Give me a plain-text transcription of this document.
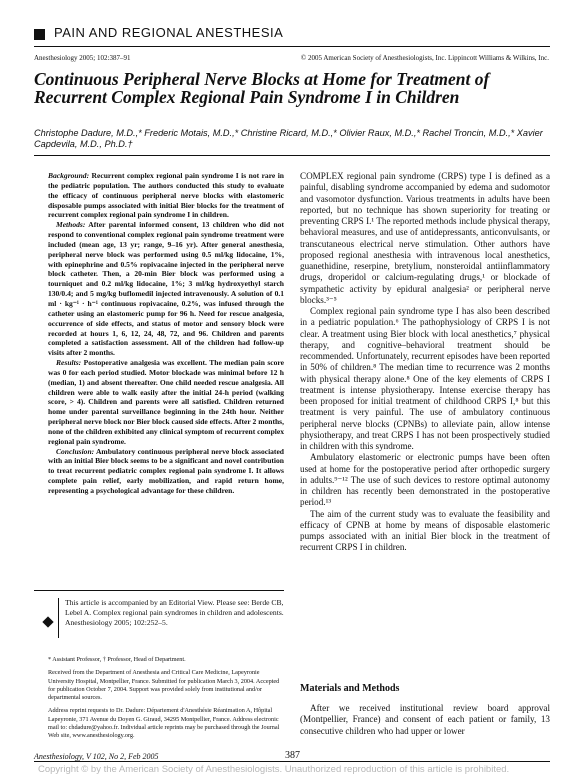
PAIN AND REGIONAL ANESTHESIA
Anesthesiology 2005; 102:387–91	© 2005 American Society of Anesthesiologists, Inc. Lippincott Williams & Wilkins, Inc.
Continuous Peripheral Nerve Blocks at Home for Treatment of Recurrent Complex Regional Pain Syndrome I in Children
Christophe Dadure, M.D.,* Frederic Motais, M.D.,* Christine Ricard, M.D.,* Olivier Raux, M.D.,* Rachel Troncin, M.D.,* Xavier Capdevila, M.D., Ph.D.†

Background: Recurrent complex regional pain syndrome I is not rare in the pediatric population. The authors conducted this study to evaluate the efficacy of continuous peripheral nerve blocks with elastomeric disposable pumps associated with initial Bier blocks for the treatment of recurrent complex regional pain syndrome I in children.

Methods: After parental informed consent, 13 children who did not respond to conventional complex regional pain syndrome treatment were included (mean age, 13 yr; range, 9–16 yr). After general anesthesia, peripheral nerve block was performed using 0.5 ml/kg lidocaine, 1%, with epinephrine and 0.5% ropivacaine injected in the peripheral nerve block catheter. Then, a 20-min Bier block was performed using a tourniquet and 0.2 ml/kg lidocaine, 1%; 3 ml/kg hydroxyethyl starch 130/0.4; and 5 mg/kg buflomedil injected intravenously. A solution of 0.1 ml · kg⁻¹ · h⁻¹ continuous ropivacaine, 0.2%, was infused through the catheter using an elastomeric pump for 96 h. Need for rescue analgesia, occurrence of side effects, and status of motor and sensory block were recorded at hours 1, 6, 12, 24, 48, 72, and 96. Children and parents completed a satisfaction assessment. All of the children had follow-up visits after 2 months.

Results: Postoperative analgesia was excellent. The median pain score was 0 for each period studied. Motor blockade was minimal before 12 h (median, 1) and absent thereafter. One child needed rescue analgesia. All children were able to walk easily after the initial 24-h period (walking score, > 4). Children and parents were all satisfied. Children returned home under parental surveillance beginning in the 24th hour. Neither peripheral nerve block nor Bier block caused side effects. After 2 months, none of the children exhibited any clinical symptom of recurrent complex regional pain syndrome.

Conclusion: Ambulatory continuous peripheral nerve block associated with an initial Bier block seems to be a significant and novel contribution to treat recurrent pediatric complex regional pain syndrome I. It allows complete pain relief, early mobilization, and rapid return home, representing a psychological advantage for these children.

This article is accompanied by an Editorial View. Please see: Berde CB, Lebel A. Complex regional pain syndromes in children and adolescents. Anesthesiology 2005; 102:252–5.

* Assistant Professor, † Professor, Head of Department.

Received from the Department of Anesthesia and Critical Care Medicine, Lapeyronie University Hospital, Montpellier, France. Submitted for publication March 3, 2004. Accepted for publication October 7, 2004. Support was provided solely from institutional and/or departmental sources.

Address reprint requests to Dr. Dadure: Département d'Anesthésie Réanimation A, Hôpital Lapeyronie, 371 Avenue du Doyen G. Giraud, 34295 Montpellier, France. Address electronic mail to: chdadure@yahoo.fr. Individual article reprints may be purchased through the Journal Web site, www.anesthesiology.org.

COMPLEX regional pain syndrome (CRPS) type I is defined as a painful, disabling syndrome accompanied by edema and sudomotor and vasomotor dysfunction. Various treatments in adults have been reported, but no technique has shown superiority for treating or preventing CRPS I.¹ The reported methods include physical therapy, behavioral measures, and use of antidepressants, anticonvulsants, or transcutaneous electrical nerve stimulation. Other authors have proposed regional anesthesia with intravenous local anesthetics, guanethidine, reserpine, bretylium, nonsteroidal antiinflammatory drugs, droperidol or calcium-regulating drugs,¹ or blockade of sympathetic activity by epidural analgesia² or peripheral nerve blocks.³⁻⁵

Complex regional pain syndrome type I has also been described in a pediatric population.⁶ The pathophysiology of CRPS I is not clear. A treatment using Bier block with local anesthetics,⁷ physical therapy, and cognitive–behavioral treatment should be recommended. Unfortunately, recurrent episodes have been reported in 50% of children.⁸ The median time to recurrence was 2 months with physical therapy alone.⁸ One of the key elements of CRPS I treatment is intense physiotherapy. Intense exercise therapy has been proposed for initial treatment of childhood CRPS I,⁸ but this treatment is very painful. The use of ambulatory continuous peripheral nerve blocks (CPNBs) to alleviate pain, allow intense physiotherapy, and treat CRPS I has not been prospectively studied in children with this syndrome.

Ambulatory elastomeric or electronic pumps have been often used at home for the postoperative period after orthopedic surgery in adults.⁹⁻¹² The use of such devices to restore optimal autonomy in children has recently been demonstrated in the postoperative period.¹³

The aim of the current study was to evaluate the feasibility and efficacy of CPNB at home by means of disposable elastomeric pumps associated with an initial Bier block in the treatment of recurrent CRPS I in children.

Materials and Methods
After we received institutional review board approval (Montpellier, France) and consent of each patient or family, 13 consecutive children who had upper or lower
Anesthesiology, V 102, No 2, Feb 2005	387
Copyright © by the American Society of Anesthesiologists. Unauthorized reproduction of this article is prohibited.
